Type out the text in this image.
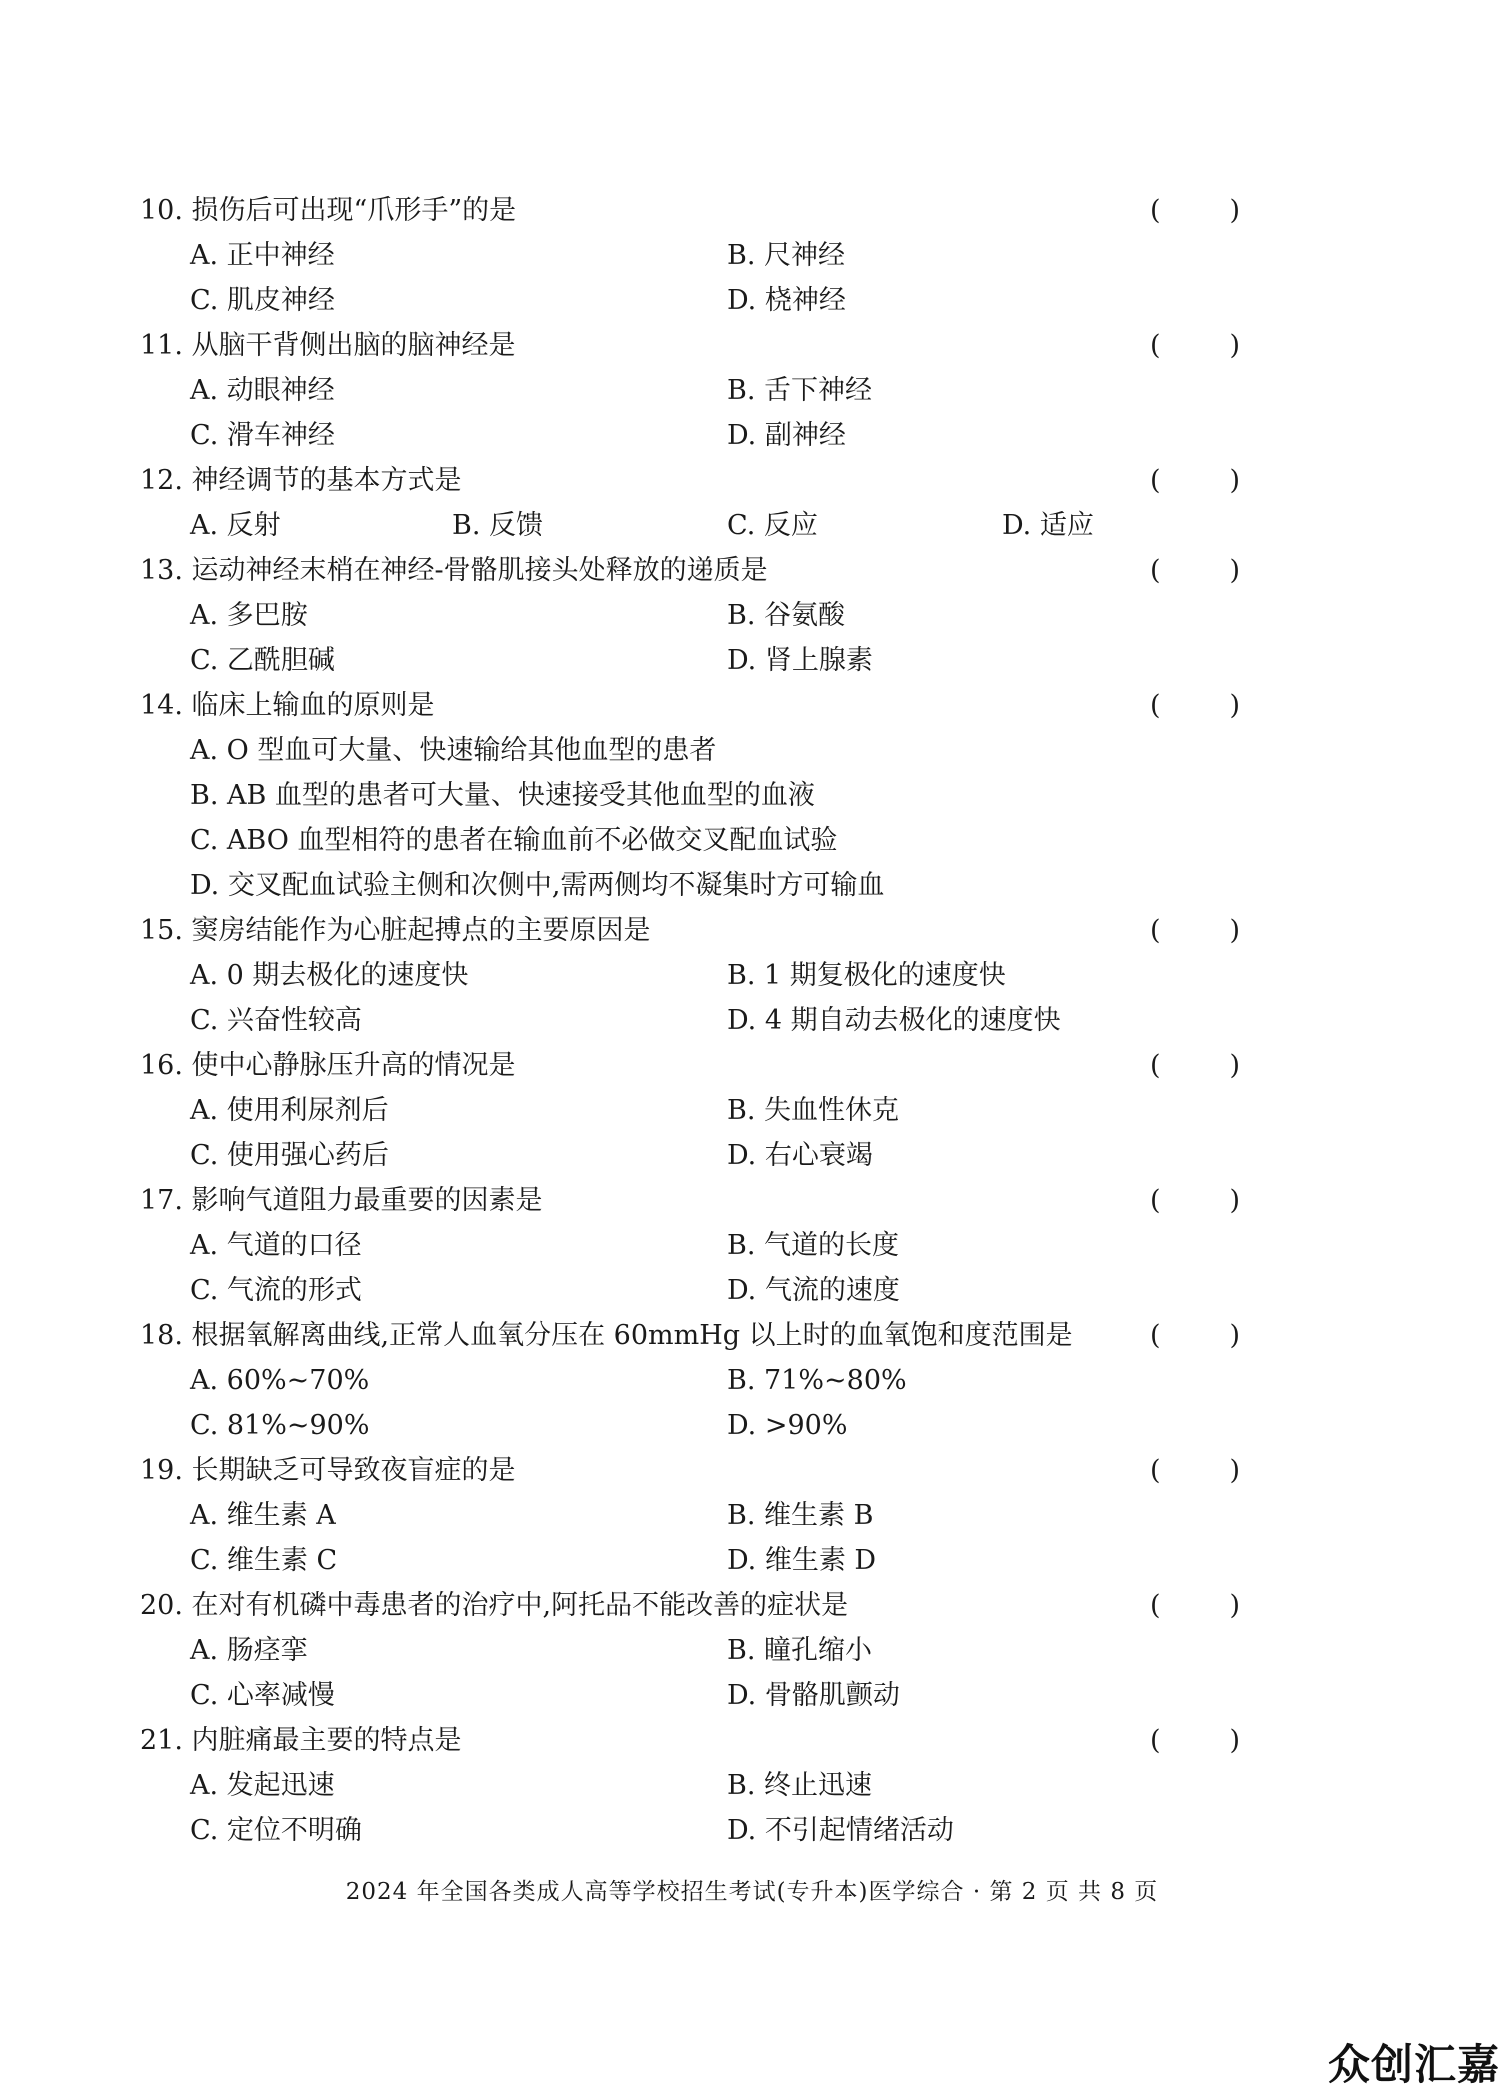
10. 损伤后可出现“爪形手”的是	(	)
A. 正中神经	B. 尺神经
C. 肌皮神经	D. 桡神经
11. 从脑干背侧出脑的脑神经是	(	)
A. 动眼神经	B. 舌下神经
C. 滑车神经	D. 副神经
12. 神经调节的基本方式是	(	)
A. 反射	B. 反馈	C. 反应	D. 适应
13. 运动神经末梢在神经-骨骼肌接头处释放的递质是	(	)
A. 多巴胺	B. 谷氨酸
C. 乙酰胆碱	D. 肾上腺素
14. 临床上输血的原则是	(	)
A. O 型血可大量、快速输给其他血型的患者
B. AB 血型的患者可大量、快速接受其他血型的血液
C. ABO 血型相符的患者在输血前不必做交叉配血试验
D. 交叉配血试验主侧和次侧中,需两侧均不凝集时方可输血
15. 窦房结能作为心脏起搏点的主要原因是	(	)
A. 0 期去极化的速度快	B. 1 期复极化的速度快
C. 兴奋性较高	D. 4 期自动去极化的速度快
16. 使中心静脉压升高的情况是	(	)
A. 使用利尿剂后	B. 失血性休克
C. 使用强心药后	D. 右心衰竭
17. 影响气道阻力最重要的因素是	(	)
A. 气道的口径	B. 气道的长度
C. 气流的形式	D. 气流的速度
18. 根据氧解离曲线,正常人血氧分压在 60mmHg 以上时的血氧饱和度范围是	(	)
A. 60%~70%	B. 71%~80%
C. 81%~90%	D. >90%
19. 长期缺乏可导致夜盲症的是	(	)
A. 维生素 A	B. 维生素 B
C. 维生素 C	D. 维生素 D
20. 在对有机磷中毒患者的治疗中,阿托品不能改善的症状是	(	)
A. 肠痉挛	B. 瞳孔缩小
C. 心率减慢	D. 骨骼肌颤动
21. 内脏痛最主要的特点是	(	)
A. 发起迅速	B. 终止迅速
C. 定位不明确	D. 不引起情绪活动
2024 年全国各类成人高等学校招生考试(专升本)医学综合 · 第 2 页 共 8 页
众创汇嘉
